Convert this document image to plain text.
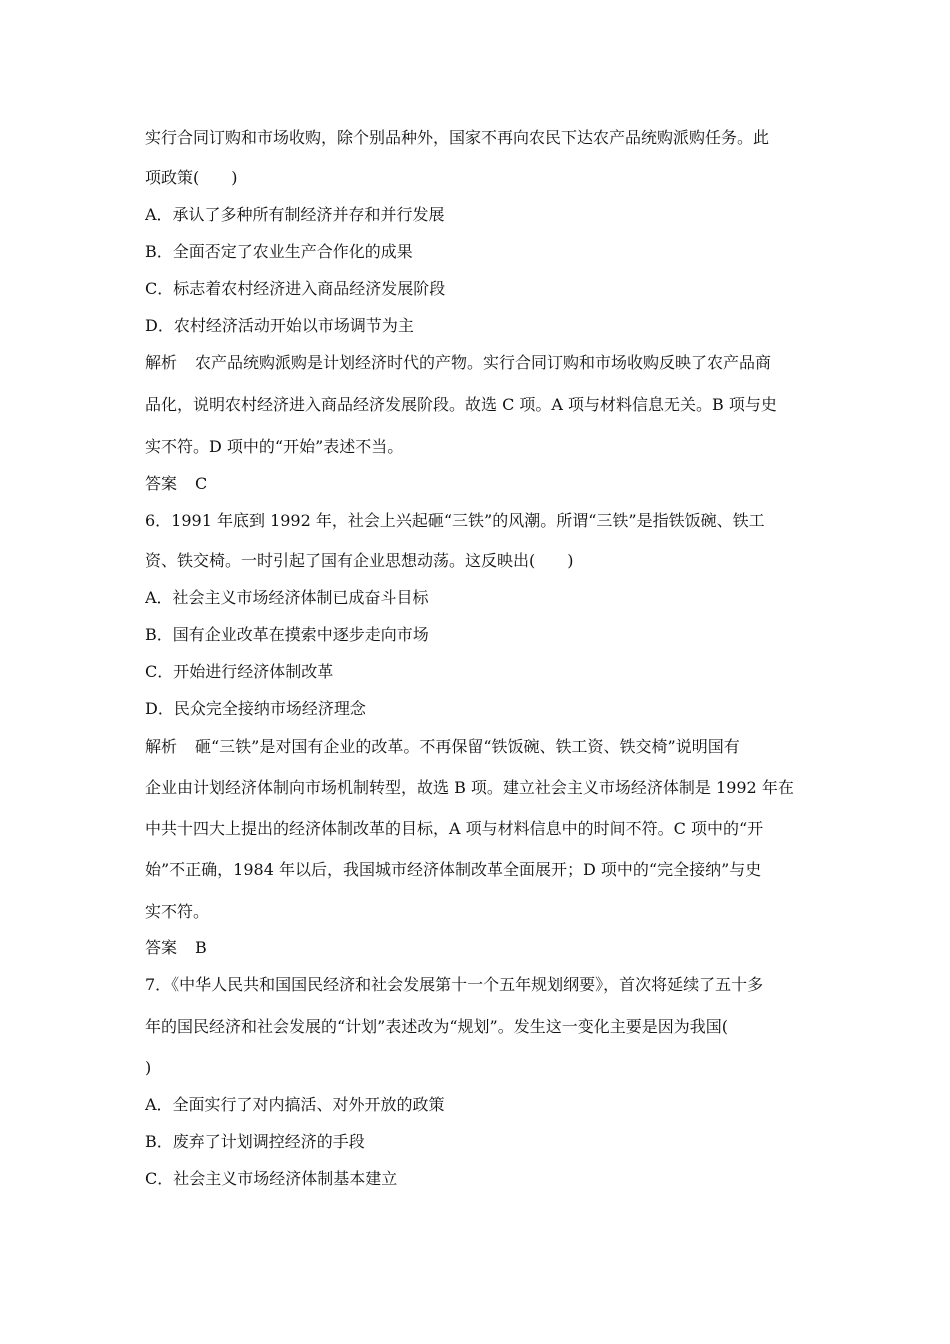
实行合同订购和市场收购，除个别品种外，国家不再向农民下达农产品统购派购任务。此
项政策(　　)
A．承认了多种所有制经济并存和并行发展
B．全面否定了农业生产合作化的成果
C．标志着农村经济进入商品经济发展阶段
D．农村经济活动开始以市场调节为主
解析 农产品统购派购是计划经济时代的产物。实行合同订购和市场收购反映了农产品商
品化，说明农村经济进入商品经济发展阶段。故选 C 项。A 项与材料信息无关。B 项与史
实不符。D 项中的“开始”表述不当。
答案 C
6．1991 年底到 1992 年，社会上兴起砸“三铁”的风潮。所谓“三铁”是指铁饭碗、铁工
资、铁交椅。一时引起了国有企业思想动荡。这反映出(　　)
A．社会主义市场经济体制已成奋斗目标
B．国有企业改革在摸索中逐步走向市场
C．开始进行经济体制改革
D．民众完全接纳市场经济理念
解析 砸“三铁”是对国有企业的改革。不再保留“铁饭碗、铁工资、铁交椅”说明国有
企业由计划经济体制向市场机制转型，故选 B 项。建立社会主义市场经济体制是 1992 年在
中共十四大上提出的经济体制改革的目标，A 项与材料信息中的时间不符。C 项中的“开
始”不正确，1984 年以后，我国城市经济体制改革全面展开；D 项中的“完全接纳”与史
实不符。
答案 B
7．《中华人民共和国国民经济和社会发展第十一个五年规划纲要》，首次将延续了五十多
年的国民经济和社会发展的“计划”表述改为“规划”。发生这一变化主要是因为我国(
)
A．全面实行了对内搞活、对外开放的政策
B．废弃了计划调控经济的手段
C．社会主义市场经济体制基本建立
